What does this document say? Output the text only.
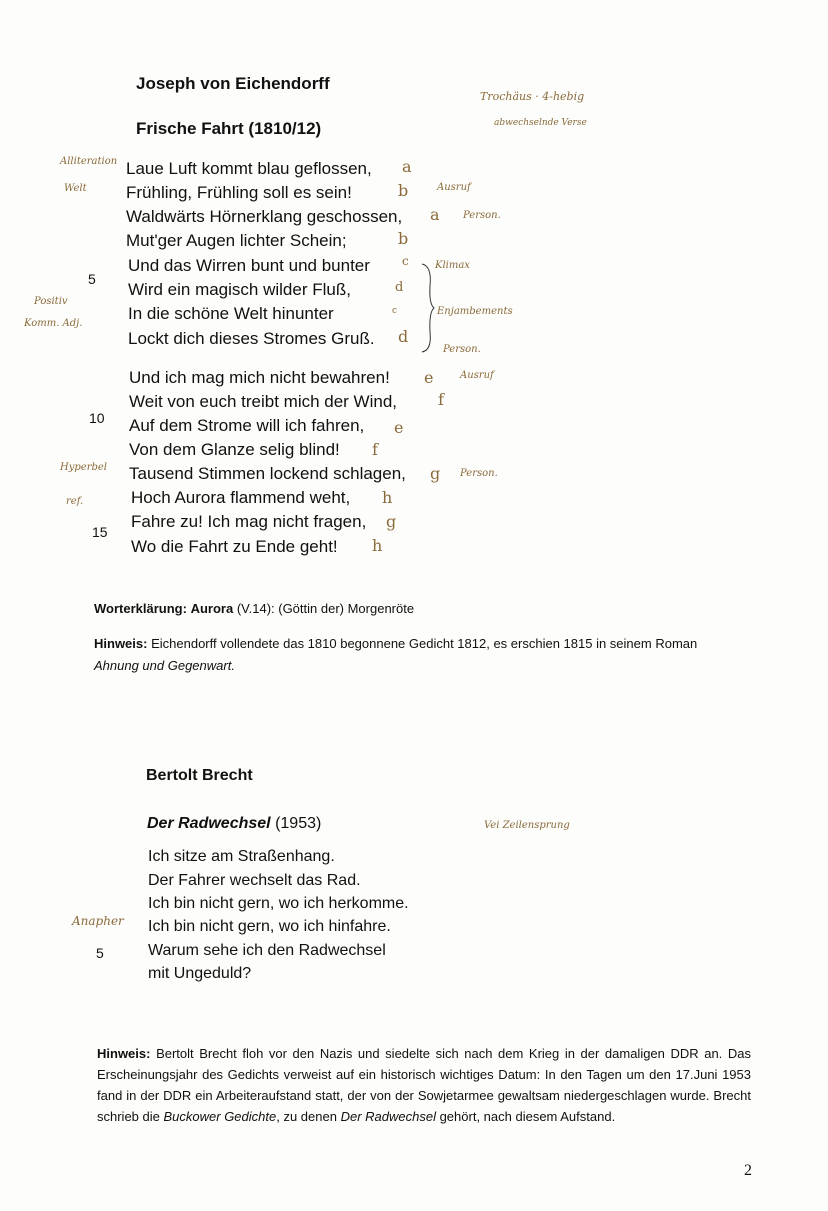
Joseph von Eichendorff
Frische Fahrt (1810/12)
Trochäus · 4-hebig
abwechselnde Verse
Alliteration
Welt
Positiv
Komm. Adj.
Ausruf
Person.
Klimax
Enjambements
Person.
Ausruf
Hyperbel
ref.
Person.
Vei Zeilensprung
Anapher
Laue Luft kommt blau geflossen,
Frühling, Frühling soll es sein!
Waldwärts Hörnerklang geschossen,
Mut'ger Augen lichter Schein;
Und das Wirren bunt und bunter
Wird ein magisch wilder Fluß,
In die schöne Welt hinunter
Lockt dich dieses Stromes Gruß.
Und ich mag mich nicht bewahren!
Weit von euch treibt mich der Wind,
Auf dem Strome will ich fahren,
Von dem Glanze selig blind!
Tausend Stimmen lockend schlagen,
Hoch Aurora flammend weht,
Fahre zu! Ich mag nicht fragen,
Wo die Fahrt zu Ende geht!
a
b
a
b
c
d
c
d
e
f
e
f
g
h
g
h
5
10
15
Worterklärung: Aurora (V.14): (Göttin der) Morgenröte
Hinweis: Eichendorff vollendete das 1810 begonnene Gedicht 1812, es erschien 1815 in seinem Roman
Ahnung und Gegenwart.
Bertolt Brecht
Der Radwechsel (1953)
Ich sitze am Straßenhang.
Der Fahrer wechselt das Rad.
Ich bin nicht gern, wo ich herkomme.
Ich bin nicht gern, wo ich hinfahre.
Warum sehe ich den Radwechsel
mit Ungeduld?
5
Hinweis: Bertolt Brecht floh vor den Nazis und siedelte sich nach dem Krieg in der damaligen DDR an. Das Erscheinungsjahr des Gedichts verweist auf ein historisch wichtiges Datum: In den Tagen um den 17.Juni 1953 fand in der DDR ein Arbeiteraufstand statt, der von der Sowjetarmee gewaltsam niedergeschlagen wurde. Brecht schrieb die Buckower Gedichte, zu denen Der Radwechsel gehört, nach diesem Aufstand.
2
